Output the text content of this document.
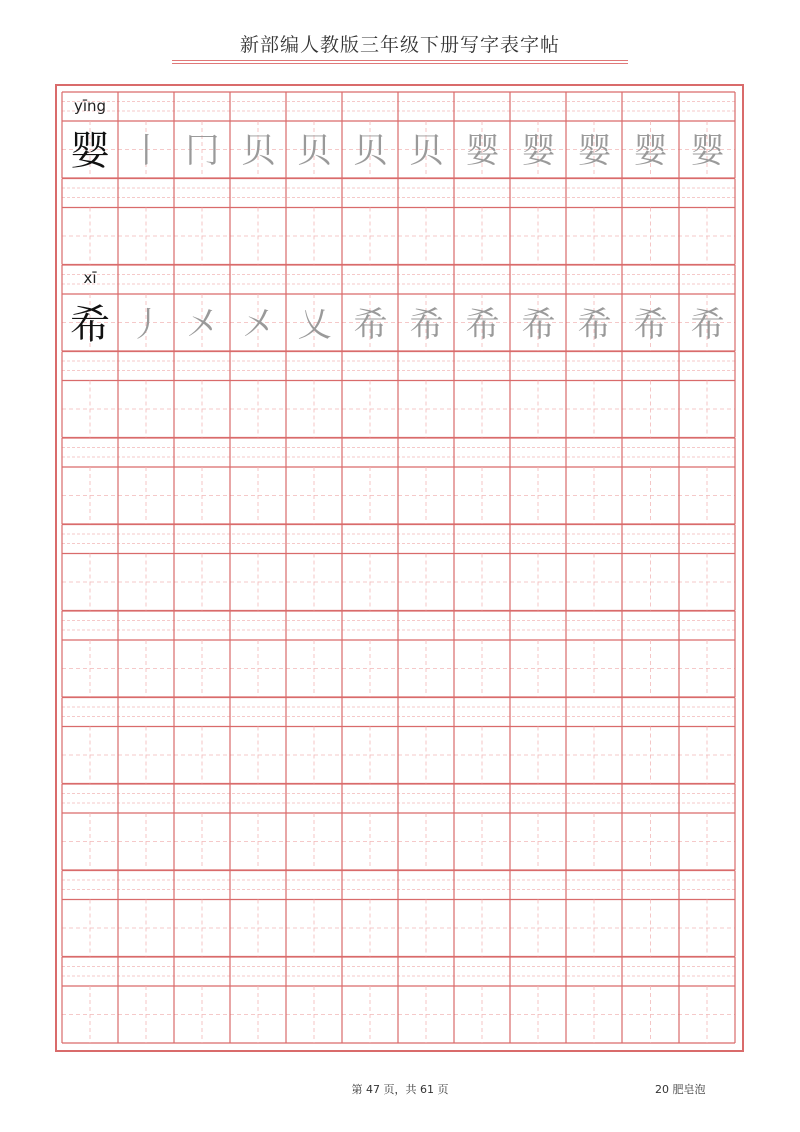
新部编人教版三年级下册写字表字帖
yīng
婴
xī
希
丨 冂 贝 贝 贝 贝 婴 婴 婴 婴 婴
丿 㐅 㐅 乂 希 希 希 希 希 希 希
第 47 页，共 61 页	20 肥皂泡
